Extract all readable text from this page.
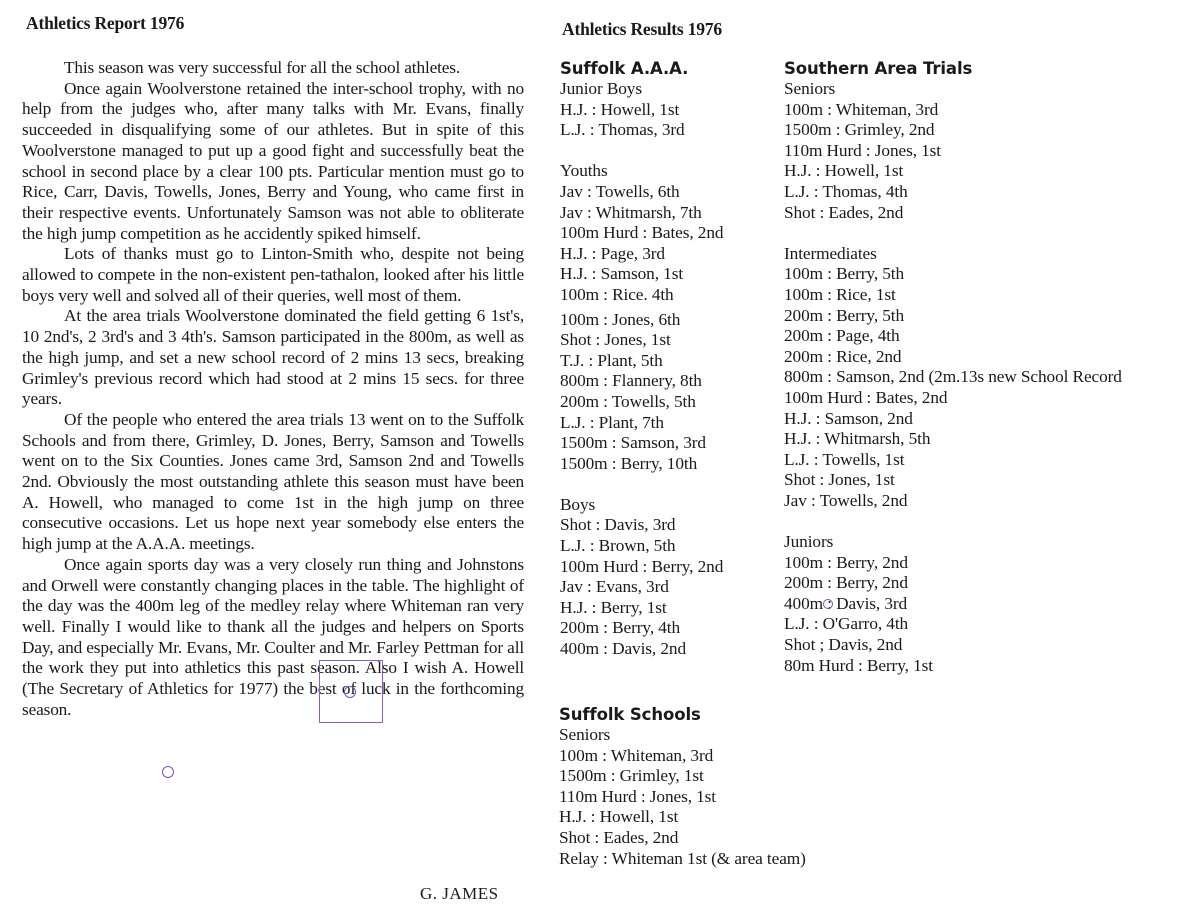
Athletics Report 1976

This season was very successful for all the school athletes.

Once again Woolverstone retained the inter-school trophy, with no help from the judges who, after many talks with Mr. Evans, finally succeeded in disqualifying some of our athletes. But in spite of this Woolverstone managed to put up a good fight and successfully beat the school in second place by a clear 100 pts. Particular mention must go to Rice, Carr, Davis, Towells, Jones, Berry and Young, who came first in their respective events. Unfortunately Samson was not able to obliterate the high jump competition as he accidently spiked himself.

Lots of thanks must go to Linton-Smith who, despite not being allowed to compete in the non-existent pen-tathalon, looked after his little boys very well and solved all of their queries, well most of them.

At the area trials Woolverstone dominated the field getting 6 1st's, 10 2nd's, 2 3rd's and 3 4th's. Samson participated in the 800m, as well as the high jump, and set a new school record of 2 mins 13 secs, breaking Grimley's previous record which had stood at 2 mins 15 secs. for three years.

Of the people who entered the area trials 13 went on to the Suffolk Schools and from there, Grimley, D. Jones, Berry, Samson and Towells went on to the Six Counties. Jones came 3rd, Samson 2nd and Towells 2nd. Obviously the most outstanding athlete this season must have been A. Howell, who managed to come 1st in the high jump on three consecutive occasions. Let us hope next year somebody else enters the high jump at the A.A.A. meetings.

Once again sports day was a very closely run thing and Johnstons and Orwell were constantly changing places in the table. The highlight of the day was the 400m leg of the medley relay where Whiteman ran very well. Finally I would like to thank all the judges and helpers on Sports Day, and especially Mr. Evans, Mr. Coulter and Mr. Farley Pettman for all the work they put into athletics this past season. Also I wish A. Howell (The Secretary of Athletics for 1977) the best of luck in the forthcoming season.

G. JAMES
Athletics Results 1976
Suffolk A.A.A.
Junior Boys
H.J. : Howell, 1st
L.J. : Thomas, 3rd
Youths
Jav : Towells, 6th
Jav : Whitmarsh, 7th
100m Hurd : Bates, 2nd
H.J. : Page, 3rd
H.J. : Samson, 1st
100m : Rice. 4th
100m : Jones, 6th
Shot : Jones, 1st
T.J. : Plant, 5th
800m : Flannery, 8th
200m : Towells, 5th
L.J. : Plant, 7th
1500m : Samson, 3rd
1500m : Berry, 10th
Boys
Shot : Davis, 3rd
L.J. : Brown, 5th
100m Hurd : Berry, 2nd
Jav : Evans, 3rd
H.J. : Berry, 1st
200m : Berry, 4th
400m : Davis, 2nd
Southern Area Trials
Seniors
100m : Whiteman, 3rd
1500m : Grimley, 2nd
110m Hurd : Jones, 1st
H.J. : Howell, 1st
L.J. : Thomas, 4th
Shot : Eades, 2nd
Intermediates
100m : Berry, 5th
100m : Rice, 1st
200m : Berry, 5th
200m : Page, 4th
200m : Rice, 2nd
800m : Samson, 2nd (2m.13s new School Record
100m Hurd : Bates, 2nd
H.J. : Samson, 2nd
H.J. : Whitmarsh, 5th
L.J. : Towells, 1st
Shot : Jones, 1st
Jav : Towells, 2nd
Juniors
100m : Berry, 2nd
200m : Berry, 2nd
400m : Davis, 3rd
L.J. : O'Garro, 4th
Shot ; Davis, 2nd
80m Hurd : Berry, 1st
Suffolk Schools
Seniors
100m : Whiteman, 3rd
1500m : Grimley, 1st
110m Hurd : Jones, 1st
H.J. : Howell, 1st
Shot : Eades, 2nd
Relay : Whiteman 1st (& area team)
